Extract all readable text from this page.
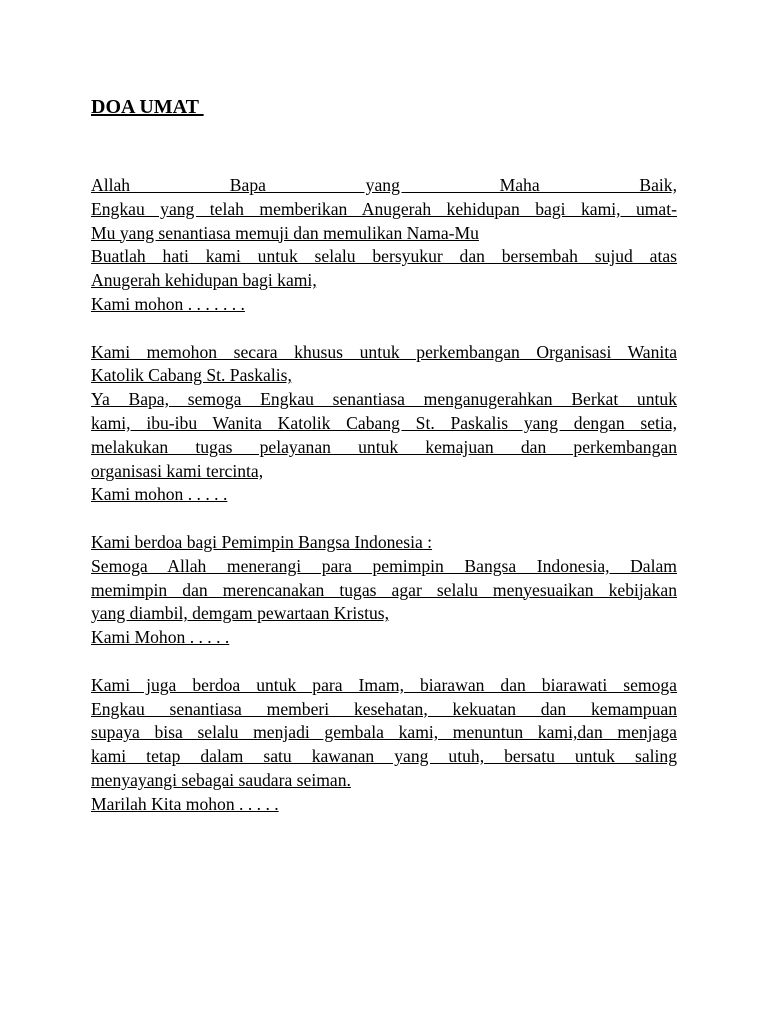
DOA UMAT
Allah Bapa yang Maha Baik,
Engkau yang telah memberikan Anugerah kehidupan bagi kami, umat-
Mu yang senantiasa memuji dan memulikan Nama-Mu
Buatlah hati kami untuk selalu bersyukur dan bersembah sujud atas
Anugerah kehidupan bagi kami,
Kami mohon . . . . . . .
Kami memohon secara khusus untuk perkembangan Organisasi Wanita
Katolik Cabang St. Paskalis,
Ya Bapa, semoga Engkau senantiasa menganugerahkan Berkat untuk
kami, ibu-ibu Wanita Katolik Cabang St. Paskalis yang dengan setia,
melakukan tugas pelayanan untuk kemajuan dan perkembangan
organisasi kami tercinta,
Kami mohon . . . . .
Kami berdoa bagi Pemimpin Bangsa Indonesia :
Semoga Allah menerangi para pemimpin Bangsa Indonesia, Dalam
memimpin dan merencanakan tugas agar selalu menyesuaikan kebijakan
yang diambil, demgam pewartaan Kristus,
Kami Mohon . . . . .
Kami juga berdoa untuk para Imam, biarawan dan biarawati semoga
Engkau senantiasa memberi kesehatan, kekuatan dan kemampuan
supaya bisa selalu menjadi gembala kami, menuntun kami,dan menjaga
kami tetap dalam satu kawanan yang utuh, bersatu untuk saling
menyayangi sebagai saudara seiman.
Marilah Kita mohon . . . . .
